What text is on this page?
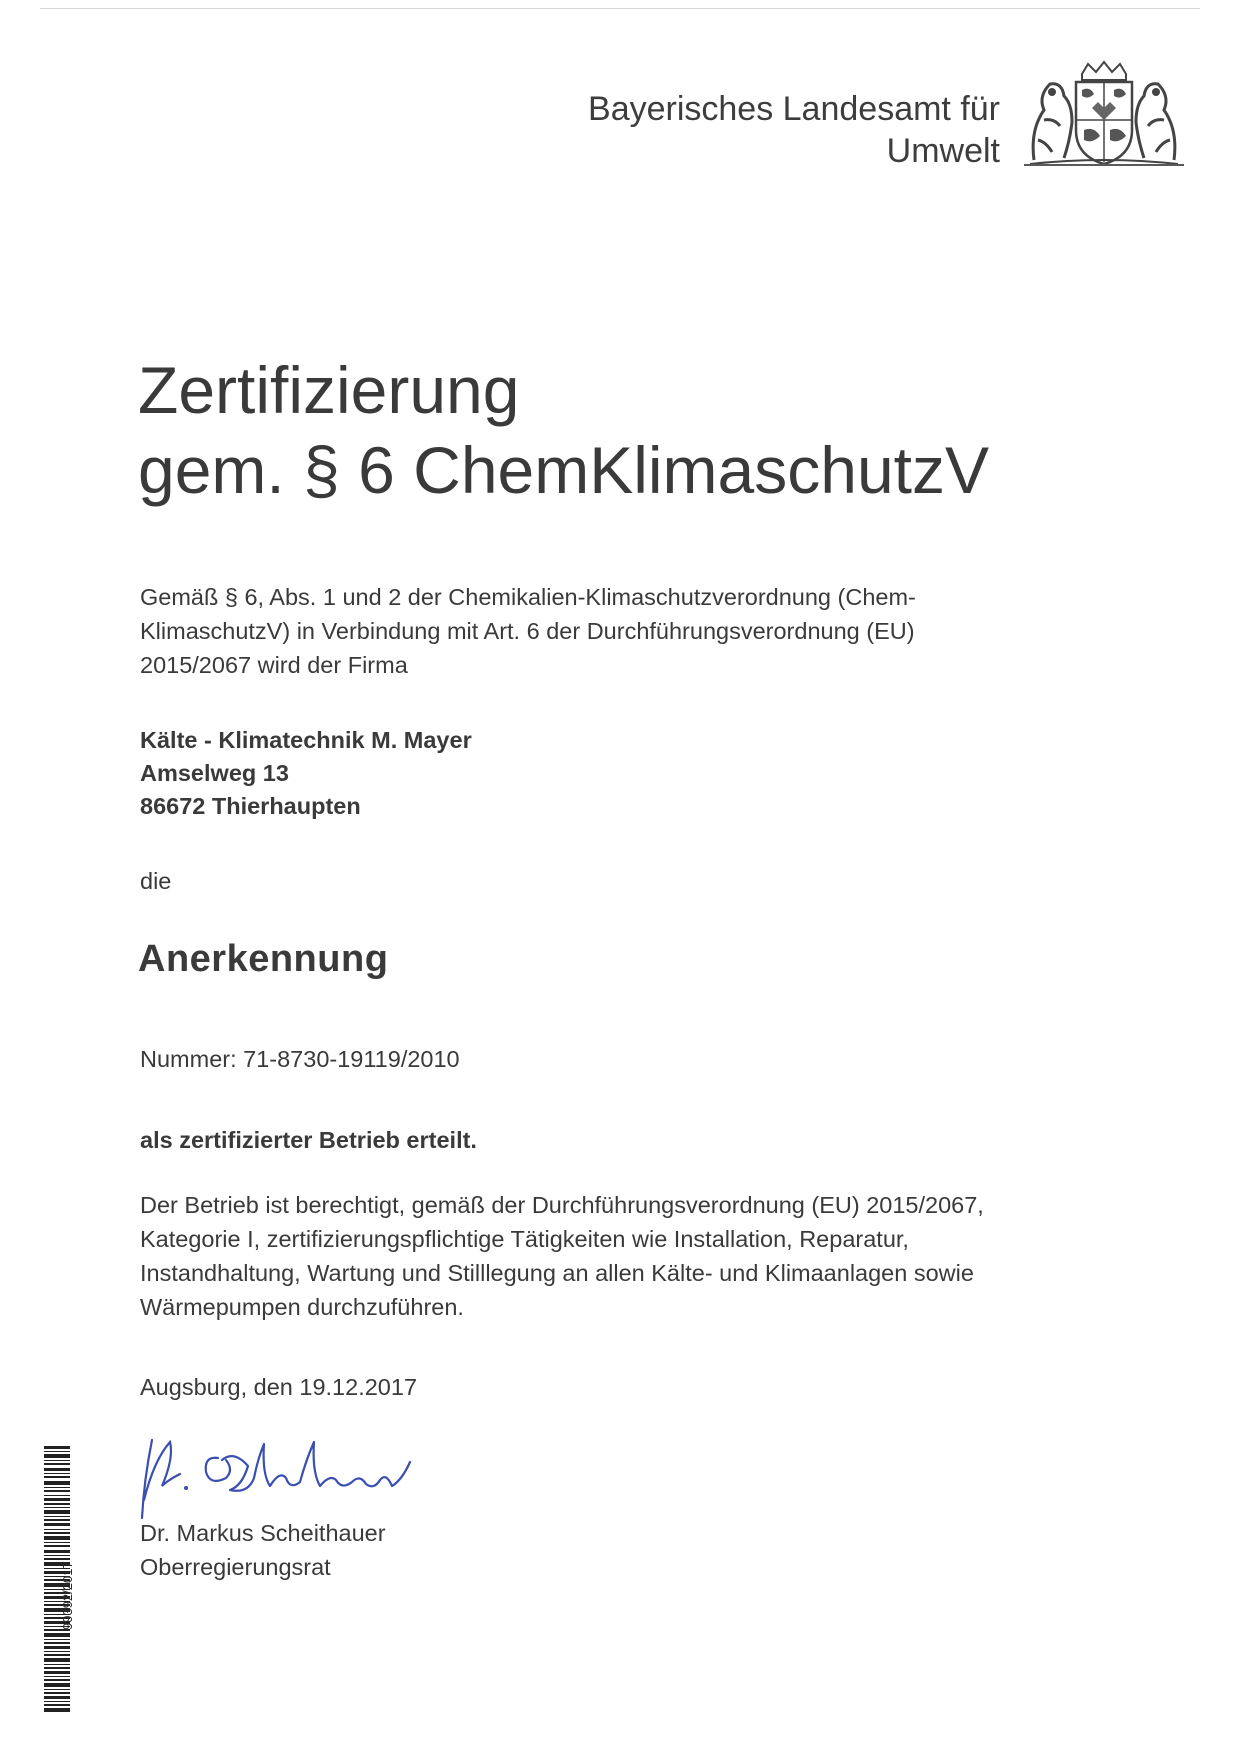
Bayerisches Landesamt für
Umwelt
Zertifizierung
gem. § 6 ChemKlimaschutzV

Gemäß § 6, Abs. 1 und 2 der Chemikalien-Klimaschutzverordnung (Chem-KlimaschutzV) in Verbindung mit Art. 6 der Durchführungsverordnung (EU) 2015/2067 wird der Firma

Kälte - Klimatechnik M. Mayer
Amselweg 13
86672 Thierhaupten

die

Anerkennung

Nummer: 71-8730-19119/2010

als zertifizierter Betrieb erteilt.

Der Betrieb ist berechtigt, gemäß der Durchführungsverordnung (EU) 2015/2067, Kategorie I, zertifizierungspflichtige Tätigkeiten wie Installation, Reparatur, Instandhaltung, Wartung und Stilllegung an allen Kälte- und Klimaanlagen sowie Wärmepumpen durchzuführen.

Augsburg, den 19.12.2017

Dr. Markus Scheithauer
Oberregierungsrat
99392/2017
